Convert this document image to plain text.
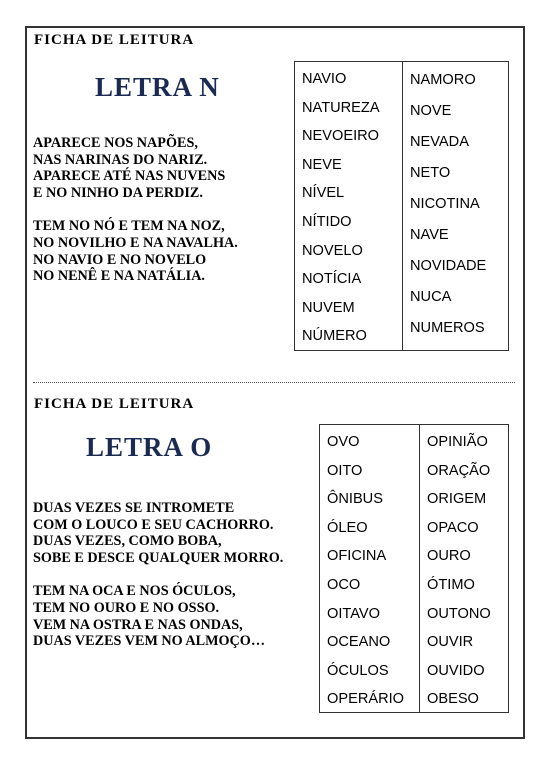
FICHA DE LEITURA
LETRA N
APARECE NOS NAPÕES,
NAS NARINAS DO NARIZ.
APARECE ATÉ NAS NUVENS
E NO NINHO DA PERDIZ.
TEM NO NÓ E TEM NA NOZ,
NO NOVILHO E NA NAVALHA.
NO NAVIO E NO NOVELO
NO NENÊ E NA NATÁLIA.
NAVIO
NATUREZA
NEVOEIRO
NEVE
NÍVEL
NÍTIDO
NOVELO
NOTÍCIA
NUVEM
NÚMERO
NAMORO
NOVE
NEVADA
NETO
NICOTINA
NAVE
NOVIDADE
NUCA
NUMEROS
FICHA DE LEITURA
LETRA O
DUAS VEZES SE INTROMETE
COM O LOUCO E SEU CACHORRO.
DUAS VEZES, COMO BOBA,
SOBE E DESCE QUALQUER MORRO.
TEM NA OCA E NOS ÓCULOS,
TEM NO OURO E NO OSSO.
VEM NA OSTRA E NAS ONDAS,
DUAS VEZES VEM NO ALMOÇO…
OVO
OITO
ÔNIBUS
ÓLEO
OFICINA
OCO
OITAVO
OCEANO
ÓCULOS
OPERÁRIO
OPINIÃO
ORAÇÃO
ORIGEM
OPACO
OURO
ÓTIMO
OUTONO
OUVIR
OUVIDO
OBESO
